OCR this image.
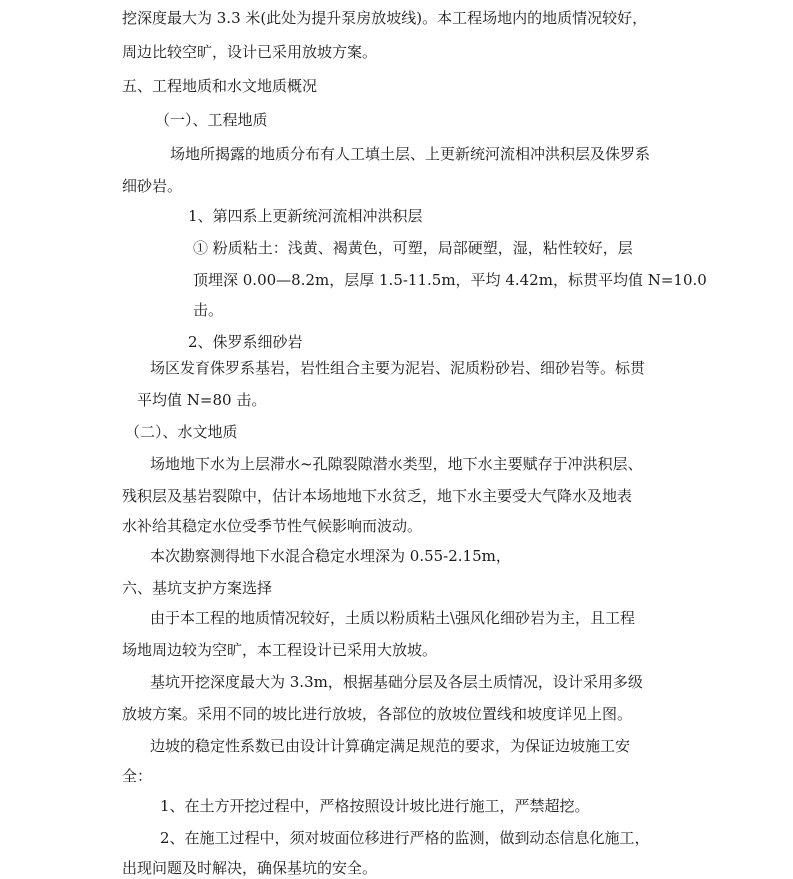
挖深度最大为 3.3 米(此处为提升泵房放坡线)。本工程场地内的地质情况较好，
周边比较空旷，设计已采用放坡方案。
五、工程地质和水文地质概况
（一）、工程地质
场地所揭露的地质分布有人工填土层、上更新统河流相冲洪积层及侏罗系
细砂岩。
1、第四系上更新统河流相冲洪积层
① 粉质粘土：浅黄、褐黄色，可塑，局部硬塑，湿，粘性较好，层
顶埋深 0.00—8.2m，层厚 1.5-11.5m，平均 4.42m，标贯平均值 N=10.0
击。
2、侏罗系细砂岩
场区发育侏罗系基岩，岩性组合主要为泥岩、泥质粉砂岩、细砂岩等。标贯
平均值 N=80 击。
（二）、水文地质
场地地下水为上层滞水~孔隙裂隙潜水类型，地下水主要赋存于冲洪积层、
残积层及基岩裂隙中，估计本场地地下水贫乏，地下水主要受大气降水及地表
水补给其稳定水位受季节性气候影响而波动。
本次勘察测得地下水混合稳定水埋深为 0.55-2.15m，
六、基坑支护方案选择
由于本工程的地质情况较好，土质以粉质粘土\强风化细砂岩为主，且工程
场地周边较为空旷，本工程设计已采用大放坡。
基坑开挖深度最大为 3.3m，根据基础分层及各层土质情况，设计采用多级
放坡方案。采用不同的坡比进行放坡，各部位的放坡位置线和坡度详见上图。
边坡的稳定性系数已由设计计算确定满足规范的要求，为保证边坡施工安
全：
1、在土方开挖过程中，严格按照设计坡比进行施工，严禁超挖。
2、在施工过程中，须对坡面位移进行严格的监测，做到动态信息化施工，
出现问题及时解决，确保基坑的安全。
